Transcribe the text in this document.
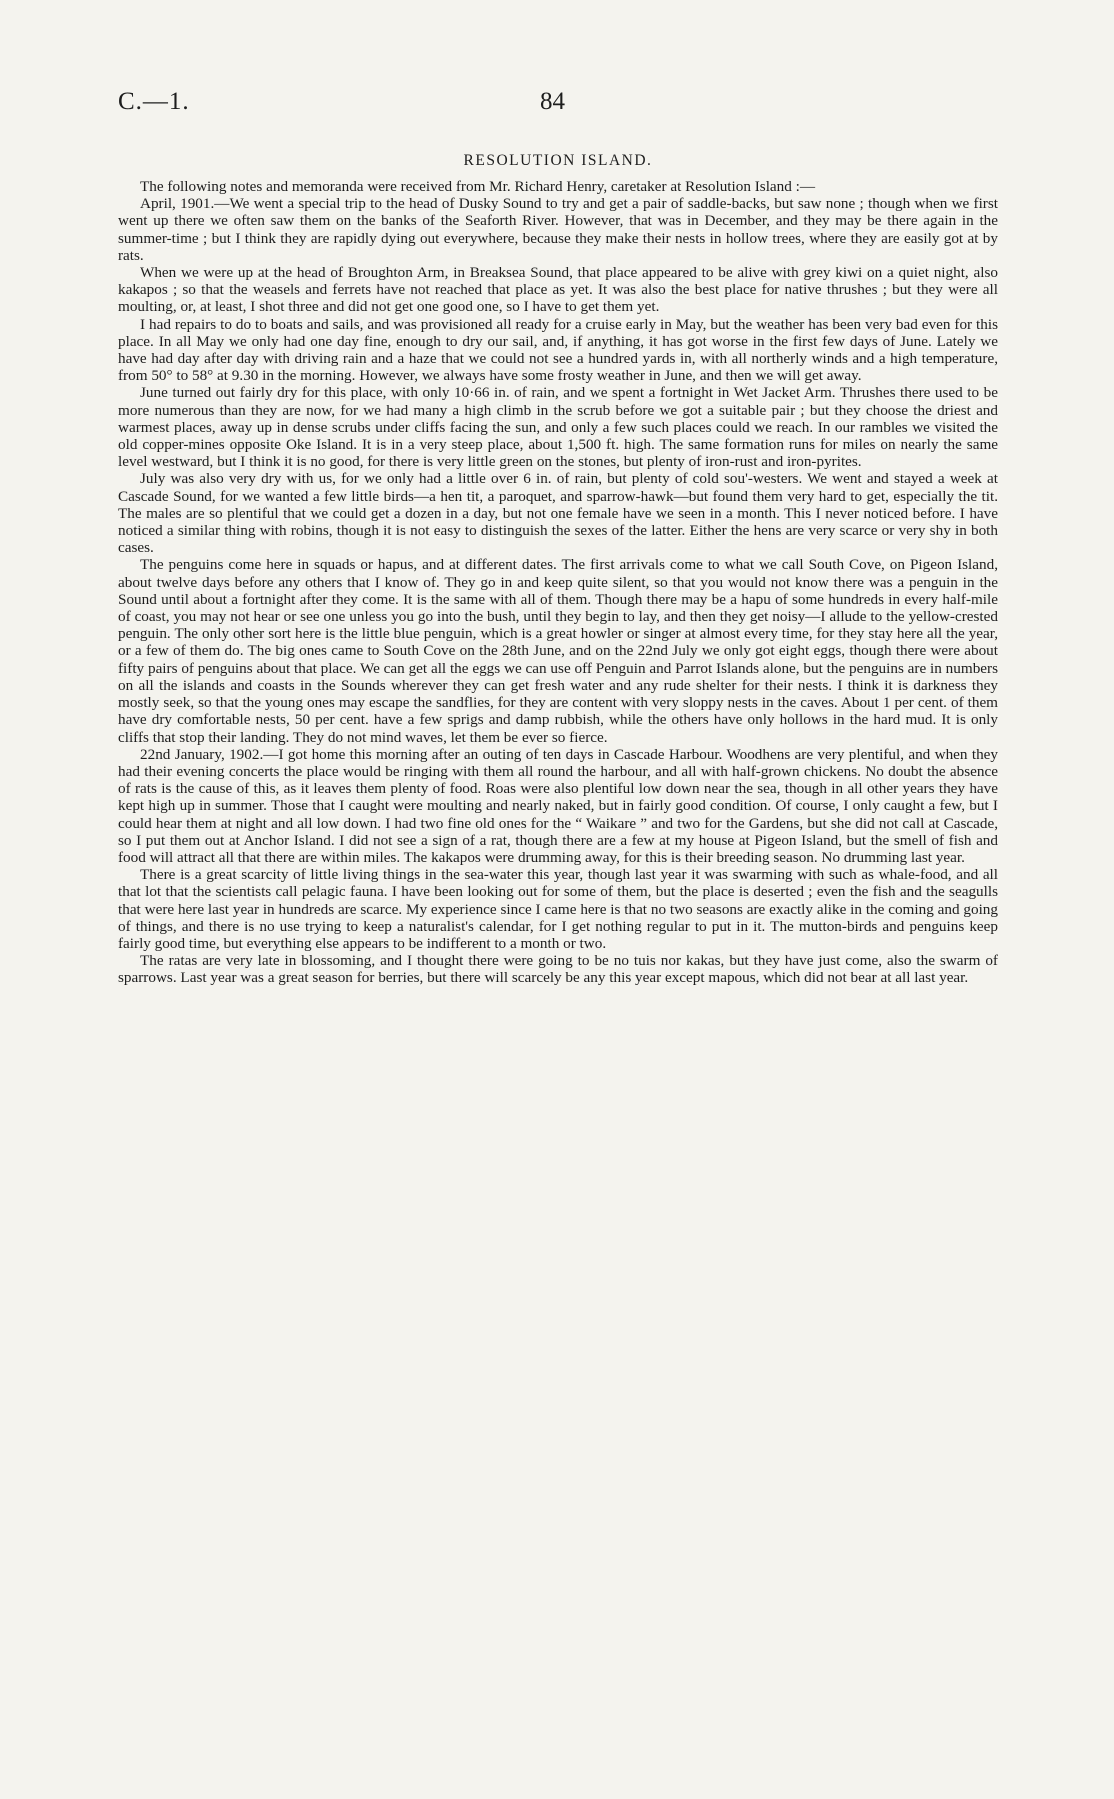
C.—1.	84
RESOLUTION ISLAND.

The following notes and memoranda were received from Mr. Richard Henry, caretaker at Resolution Island :—

April, 1901.—We went a special trip to the head of Dusky Sound to try and get a pair of saddle-backs, but saw none ; though when we first went up there we often saw them on the banks of the Seaforth River. However, that was in December, and they may be there again in the summer-time ; but I think they are rapidly dying out everywhere, because they make their nests in hollow trees, where they are easily got at by rats.

When we were up at the head of Broughton Arm, in Breaksea Sound, that place appeared to be alive with grey kiwi on a quiet night, also kakapos ; so that the weasels and ferrets have not reached that place as yet. It was also the best place for native thrushes ; but they were all moulting, or, at least, I shot three and did not get one good one, so I have to get them yet.

I had repairs to do to boats and sails, and was provisioned all ready for a cruise early in May, but the weather has been very bad even for this place. In all May we only had one day fine, enough to dry our sail, and, if anything, it has got worse in the first few days of June. Lately we have had day after day with driving rain and a haze that we could not see a hundred yards in, with all northerly winds and a high temperature, from 50° to 58° at 9.30 in the morning. However, we always have some frosty weather in June, and then we will get away.

June turned out fairly dry for this place, with only 10·66 in. of rain, and we spent a fortnight in Wet Jacket Arm. Thrushes there used to be more numerous than they are now, for we had many a high climb in the scrub before we got a suitable pair ; but they choose the driest and warmest places, away up in dense scrubs under cliffs facing the sun, and only a few such places could we reach. In our rambles we visited the old copper-mines opposite Oke Island. It is in a very steep place, about 1,500 ft. high. The same formation runs for miles on nearly the same level westward, but I think it is no good, for there is very little green on the stones, but plenty of iron-rust and iron-pyrites.

July was also very dry with us, for we only had a little over 6 in. of rain, but plenty of cold sou'-westers. We went and stayed a week at Cascade Sound, for we wanted a few little birds—a hen tit, a paroquet, and sparrow-hawk—but found them very hard to get, especially the tit. The males are so plentiful that we could get a dozen in a day, but not one female have we seen in a month. This I never noticed before. I have noticed a similar thing with robins, though it is not easy to distinguish the sexes of the latter. Either the hens are very scarce or very shy in both cases.

The penguins come here in squads or hapus, and at different dates. The first arrivals come to what we call South Cove, on Pigeon Island, about twelve days before any others that I know of. They go in and keep quite silent, so that you would not know there was a penguin in the Sound until about a fortnight after they come. It is the same with all of them. Though there may be a hapu of some hundreds in every half-mile of coast, you may not hear or see one unless you go into the bush, until they begin to lay, and then they get noisy—I allude to the yellow-crested penguin. The only other sort here is the little blue penguin, which is a great howler or singer at almost every time, for they stay here all the year, or a few of them do. The big ones came to South Cove on the 28th June, and on the 22nd July we only got eight eggs, though there were about fifty pairs of penguins about that place. We can get all the eggs we can use off Penguin and Parrot Islands alone, but the penguins are in numbers on all the islands and coasts in the Sounds wherever they can get fresh water and any rude shelter for their nests. I think it is darkness they mostly seek, so that the young ones may escape the sandflies, for they are content with very sloppy nests in the caves. About 1 per cent. of them have dry comfortable nests, 50 per cent. have a few sprigs and damp rubbish, while the others have only hollows in the hard mud. It is only cliffs that stop their landing. They do not mind waves, let them be ever so fierce.

22nd January, 1902.—I got home this morning after an outing of ten days in Cascade Harbour. Woodhens are very plentiful, and when they had their evening concerts the place would be ringing with them all round the harbour, and all with half-grown chickens. No doubt the absence of rats is the cause of this, as it leaves them plenty of food. Roas were also plentiful low down near the sea, though in all other years they have kept high up in summer. Those that I caught were moulting and nearly naked, but in fairly good condition. Of course, I only caught a few, but I could hear them at night and all low down. I had two fine old ones for the “ Waikare ” and two for the Gardens, but she did not call at Cascade, so I put them out at Anchor Island. I did not see a sign of a rat, though there are a few at my house at Pigeon Island, but the smell of fish and food will attract all that there are within miles. The kakapos were drumming away, for this is their breeding season. No drumming last year.

There is a great scarcity of little living things in the sea-water this year, though last year it was swarming with such as whale-food, and all that lot that the scientists call pelagic fauna. I have been looking out for some of them, but the place is deserted ; even the fish and the seagulls that were here last year in hundreds are scarce. My experience since I came here is that no two seasons are exactly alike in the coming and going of things, and there is no use trying to keep a naturalist's calendar, for I get nothing regular to put in it. The mutton-birds and penguins keep fairly good time, but everything else appears to be indifferent to a month or two.

The ratas are very late in blossoming, and I thought there were going to be no tuis nor kakas, but they have just come, also the swarm of sparrows. Last year was a great season for berries, but there will scarcely be any this year except mapous, which did not bear at all last year.
